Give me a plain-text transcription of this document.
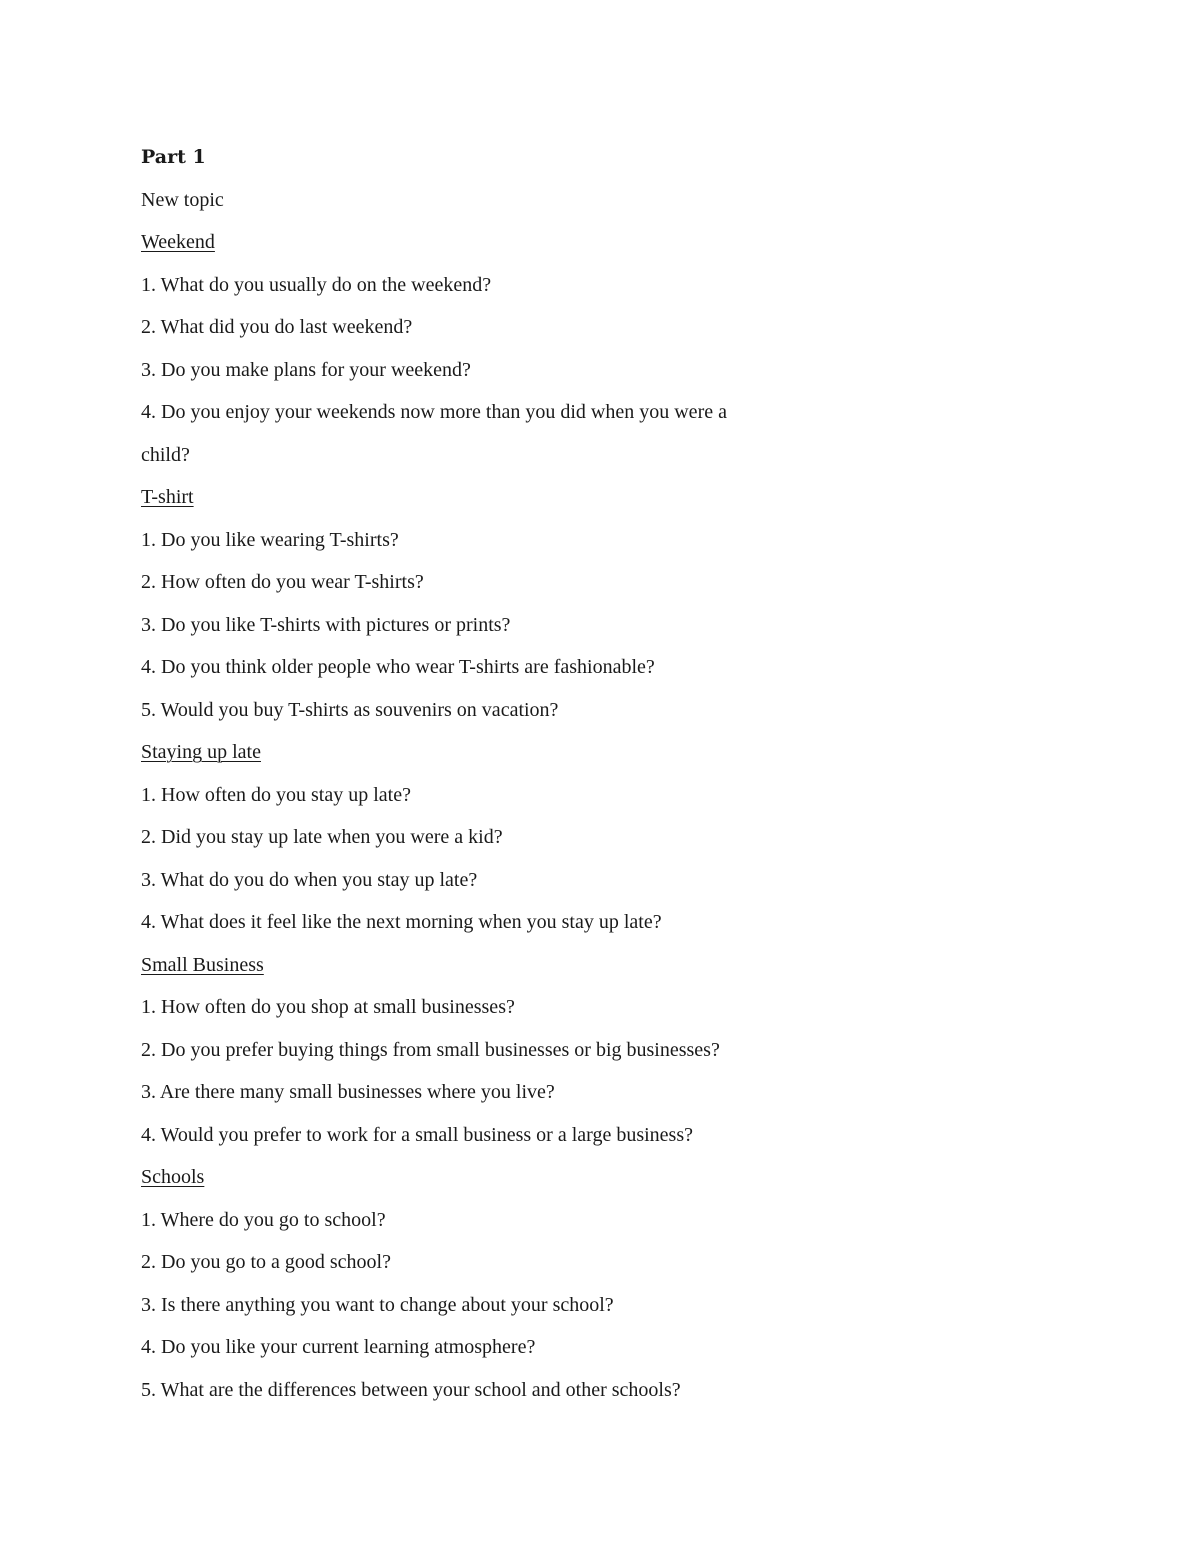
Part 1
New topic
Weekend
1. What do you usually do on the weekend?
2. What did you do last weekend?
3. Do you make plans for your weekend?
4. Do you enjoy your weekends now more than you did when you were a
child?
T-shirt
1. Do you like wearing T-shirts?
2. How often do you wear T-shirts?
3. Do you like T-shirts with pictures or prints?
4. Do you think older people who wear T-shirts are fashionable?
5. Would you buy T-shirts as souvenirs on vacation?
Staying up late
1. How often do you stay up late?
2. Did you stay up late when you were a kid?
3. What do you do when you stay up late?
4. What does it feel like the next morning when you stay up late?
Small Business
1. How often do you shop at small businesses?
2. Do you prefer buying things from small businesses or big businesses?
3. Are there many small businesses where you live?
4. Would you prefer to work for a small business or a large business?
Schools
1. Where do you go to school?
2. Do you go to a good school?
3. Is there anything you want to change about your school?
4. Do you like your current learning atmosphere?
5. What are the differences between your school and other schools?
